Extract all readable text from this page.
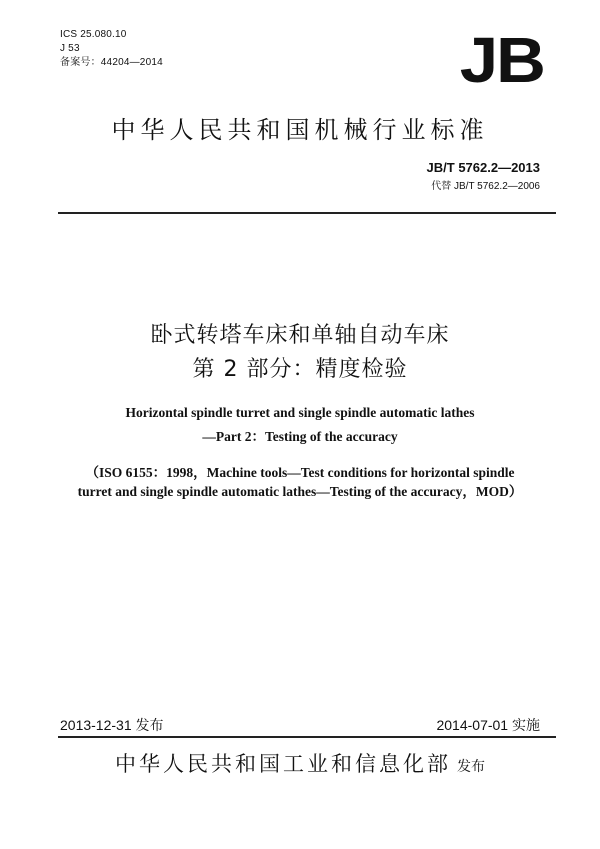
ICS 25.080.10
J 53
备案号：44204—2014	JB
中华人民共和国机械行业标准
JB/T 5762.2—2013
代替 JB/T 5762.2—2006
卧式转塔车床和单轴自动车床
第 2 部分：精度检验
Horizontal spindle turret and single spindle automatic lathes
—Part 2：Testing of the accuracy
（ISO 6155：1998，Machine tools—Test conditions for horizontal spindle
turret and single spindle automatic lathes—Testing of the accuracy，MOD）
2013-12-31 发布	2014-07-01 实施
中华人民共和国工业和信息化部 发布
